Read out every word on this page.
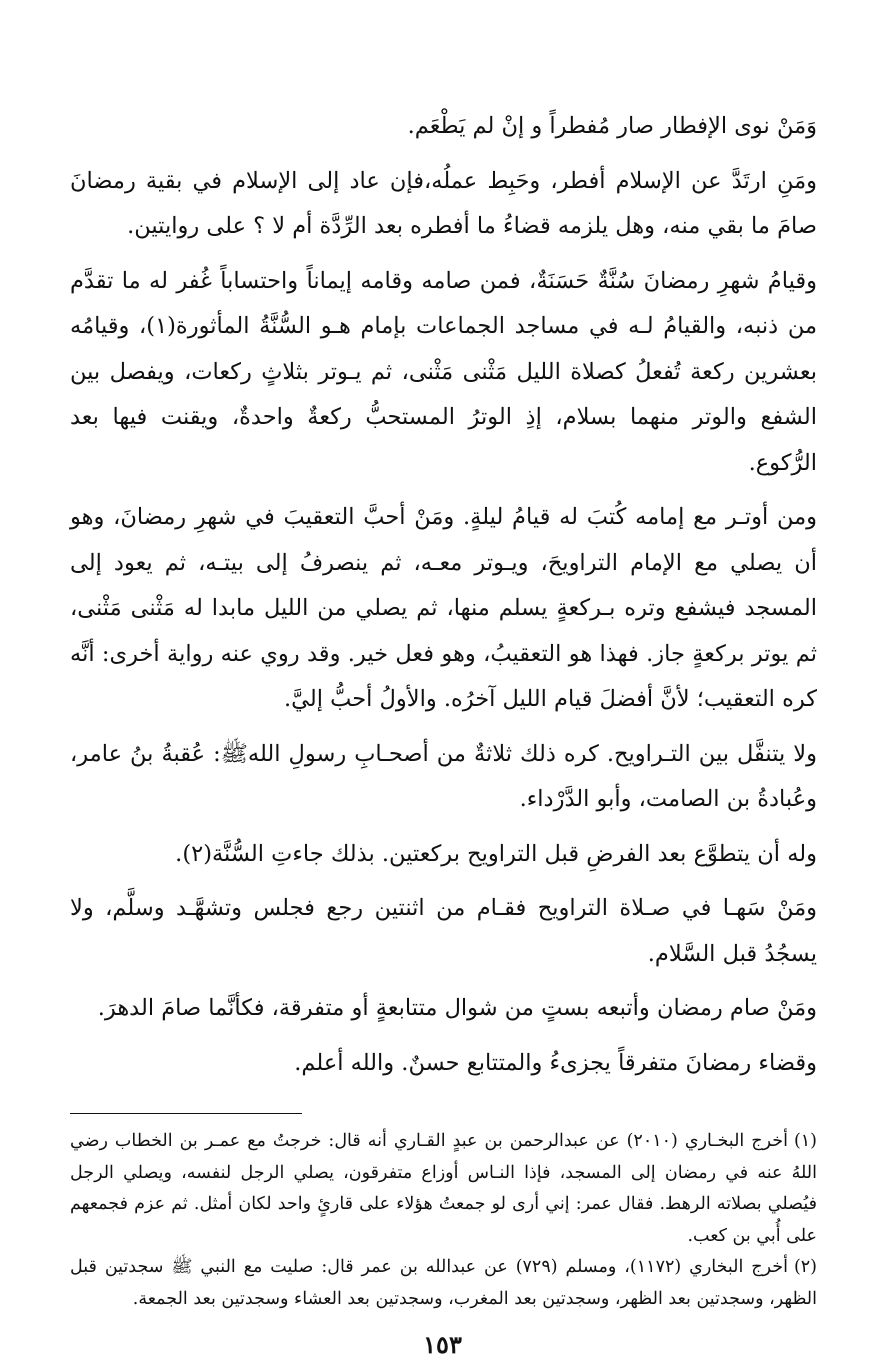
وَمَنْ نوى الإفطار صار مُفطراً و إنْ لم يَطْعَم.

ومَنِ ارتَدَّ عن الإسلام أفطر، وحَبِط عملُه،فإن عاد إلى الإسلام في بقية رمضانَ صامَ ما بقي منه، وهل يلزمه قضاءُ ما أفطره بعد الرِّدَّة أم لا ؟ على روايتين.

وقيامُ شهرِ رمضانَ سُنَّةٌ حَسَنَةٌ، فمن صامه وقامه إيماناً واحتساباً غُفر له ما تقدَّم من ذنبه، والقيامُ لـه في مساجد الجماعات بإمام هـو السُّنَّةُ المأثورة(١)، وقيامُه بعشرين ركعة تُفعلُ كصلاة الليل مَثْنى مَثْنى، ثم يـوتر بثلاثٍ ركعات، ويفصل بين الشفع والوتر منهما بسلام، إذِ الوترُ المستحبُّ ركعةٌ واحدةٌ، ويقنت فيها بعد الرُّكوع.

ومن أوتـر مع إمامه كُتبَ له قيامُ ليلةٍ. ومَنْ أحبَّ التعقيبَ في شهرِ رمضانَ، وهو أن يصلي مع الإمام التراويحَ، ويـوتر معـه، ثم ينصرفُ إلى بيتـه، ثم يعود إلى المسجد فيشفع وتره بـركعةٍ يسلم منها، ثم يصلي من الليل مابدا له مَثْنى مَثْنى، ثم يوتر بركعةٍ جاز. فهذا هو التعقيبُ، وهو فعل خير. وقد روي عنه رواية أخرى: أنَّه كره التعقيب؛ لأنَّ أفضلَ قيام الليل آخرُه. والأولُ أحبُّ إليَّ.

ولا يتنفَّل بين التـراويح. كره ذلك ثلاثةٌ من أصحـابِ رسولِ اللهﷺ: عُقبةُ بنُ عامر، وعُبادةُ بن الصامت، وأبو الدَّرْداء.

وله أن يتطوَّع بعد الفرضِ قبل التراويح بركعتين. بذلك جاءتِ السُّنَّة(٢).

ومَنْ سَهـا في صـلاة التراويح فقـام من اثنتين رجع فجلس وتشهَّـد وسلَّم، ولا يسجُدُ قبل السَّلام.

ومَنْ صام رمضان وأتبعه بستٍ من شوال متتابعةٍ أو متفرقة، فكأنَّما صامَ الدهرَ.

وقضاء رمضانَ متفرقاً يجزىءُ والمتتابع حسنٌ. والله أعلم.

(١)أخرج البخـاري (٢٠١٠) عن عبدالرحمن بن عبدٍ القـاري أنه قال: خرجتُ مع عمـر بن الخطاب رضي اللهُ عنه في رمضان إلى المسجد، فإذا النـاس أوزاع متفرقون، يصلي الرجل لنفسه، ويصلي الرجل فيُصلي بصلاته الرهط. فقال عمر: إني أرى لو جمعتُ هؤلاء على قارئٍ واحد لكان أمثل. ثم عزم فجمعهم على أُبي بن كعب.

(٢)أخرج البخاري (١١٧٢)، ومسلم (٧٢٩) عن عبدالله بن عمر قال: صليت مع النبي ﷺ سجدتين قبل الظهر، وسجدتين بعد الظهر، وسجدتين بعد المغرب، وسجدتين بعد العشاء وسجدتين بعد الجمعة.

١٥٣
